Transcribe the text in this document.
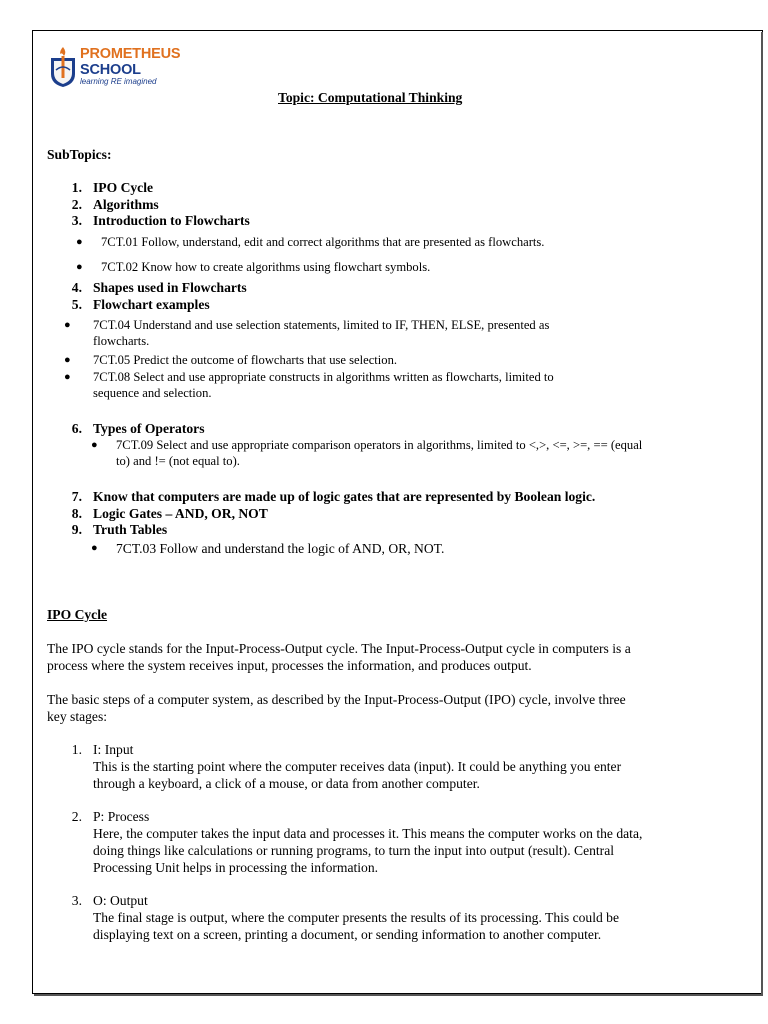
PROMETHEUS
SCHOOL
learning RE imagined
Topic: Computational Thinking
SubTopics:
1. IPO Cycle
2. Algorithms
3. Introduction to Flowcharts
● 7CT.01 Follow, understand, edit and correct algorithms that are presented as flowcharts.
● 7CT.02 Know how to create algorithms using flowchart symbols.
4. Shapes used in Flowcharts
5. Flowchart examples
● 7CT.04 Understand and use selection statements, limited to IF, THEN, ELSE, presented as
flowcharts.
● 7CT.05 Predict the outcome of flowcharts that use selection.
● 7CT.08 Select and use appropriate constructs in algorithms written as flowcharts, limited to
sequence and selection.
6. Types of Operators
● 7CT.09 Select and use appropriate comparison operators in algorithms, limited to <,>, <=, >=, == (equal
to) and != (not equal to).
7. Know that computers are made up of logic gates that are represented by Boolean logic.
8. Logic Gates – AND, OR, NOT
9. Truth Tables
● 7CT.03 Follow and understand the logic of AND, OR, NOT.
IPO Cycle
The IPO cycle stands for the Input-Process-Output cycle. The Input-Process-Output cycle in computers is a
process where the system receives input, processes the information, and produces output.
The basic steps of a computer system, as described by the Input-Process-Output (IPO) cycle, involve three
key stages:
1. I: Input
This is the starting point where the computer receives data (input). It could be anything you enter
through a keyboard, a click of a mouse, or data from another computer.
2. P: Process
Here, the computer takes the input data and processes it. This means the computer works on the data,
doing things like calculations or running programs, to turn the input into output (result). Central
Processing Unit helps in processing the information.
3. O: Output
The final stage is output, where the computer presents the results of its processing. This could be
displaying text on a screen, printing a document, or sending information to another computer.
